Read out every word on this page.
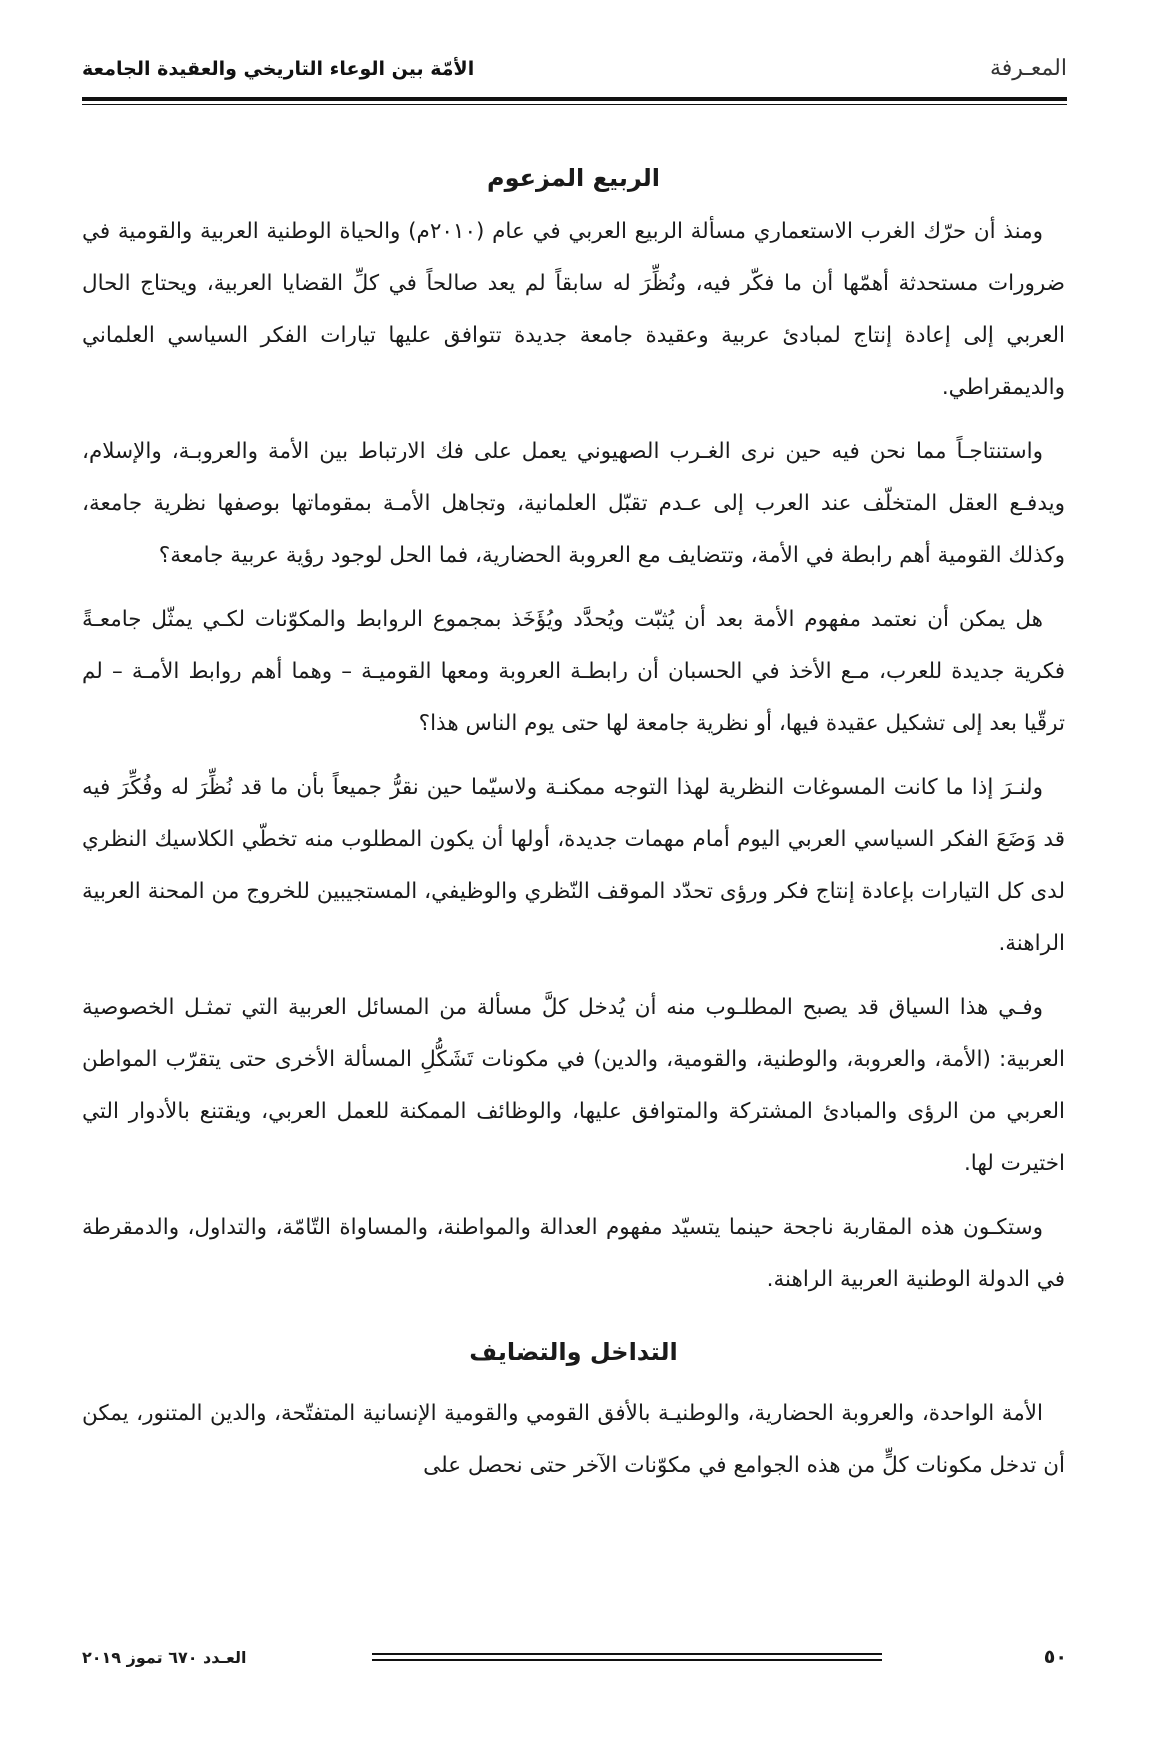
المعـرفة
الأمّة بين الوعاء التاريخي والعقيدة الجامعة
الربيع المزعوم

ومنذ أن حرّك الغرب الاستعماري مسألة الربيع العربي في عام (٢٠١٠م) والحياة الوطنية العربية والقومية في ضرورات مستحدثة أهمّها أن ما فكّر فيه، ونُظِّرَ له سابقاً لم يعد صالحاً في كلِّ القضايا العربية، ويحتاج الحال العربي إلى إعادة إنتاج لمبادئ عربية وعقيدة جامعة جديدة تتوافق عليها تيارات الفكر السياسي العلماني والديمقراطي.

واستنتاجـاً مما نحن فيه حين نرى الغـرب الصهيوني يعمل على فك الارتباط بين الأمة والعروبـة، والإسلام، ويدفـع العقل المتخلّف عند العرب إلى عـدم تقبّل العلمانية، وتجاهل الأمـة بمقوماتها بوصفها نظرية جامعة، وكذلك القومية أهم رابطة في الأمة، وتتضايف مع العروبة الحضارية، فما الحل لوجود رؤية عربية جامعة؟

هل يمكن أن نعتمد مفهوم الأمة بعد أن يُثبّت ويُحدَّد ويُؤَخَذ بمجموع الروابط والمكوّنات لكـي يمثّل جامعـةً فكرية جديدة للعرب، مـع الأخذ في الحسبان أن رابطـة العروبة ومعها القوميـة – وهما أهم روابط الأمـة – لم ترقّيا بعد إلى تشكيل عقيدة فيها، أو نظرية جامعة لها حتى يوم الناس هذا؟

ولنـرَ إذا ما كانت المسوغات النظرية لهذا التوجه ممكنـة ولاسيّما حين نقرُّ جميعاً بأن ما قد نُظِّرَ له وفُكِّرَ فيه قد وَضَعَ الفكر السياسي العربي اليوم أمام مهمات جديدة، أولها أن يكون المطلوب منه تخطّي الكلاسيك النظري لدى كل التيارات بإعادة إنتاج فكر ورؤى تحدّد الموقف النّظري والوظيفي، المستجيبين للخروج من المحنة العربية الراهنة.

وفـي هذا السياق قد يصبح المطلـوب منه أن يُدخل كلَّ مسألة من المسائل العربية التي تمثـل الخصوصية العربية: (الأمة، والعروبة، والوطنية، والقومية، والدين) في مكونات تَشَكُّلِ المسألة الأخرى حتى يتقرّب المواطن العربي من الرؤى والمبادئ المشتركة والمتوافق عليها، والوظائف الممكنة للعمل العربي، ويقتنع بالأدوار التي اختيرت لها.

وستكـون هذه المقاربة ناجحة حينما يتسيّد مفهوم العدالة والمواطنة، والمساواة التّامّة، والتداول، والدمقرطة في الدولة الوطنية العربية الراهنة.

التداخل والتضايف

الأمة الواحدة، والعروبة الحضارية، والوطنيـة بالأفق القومي والقومية الإنسانية المتفتّحة، والدين المتنور، يمكن أن تدخل مكونات كلٍّ من هذه الجوامع في مكوّنات الآخر حتى نحصل على

٥٠
العـدد ٦٧٠ تموز ٢٠١٩
